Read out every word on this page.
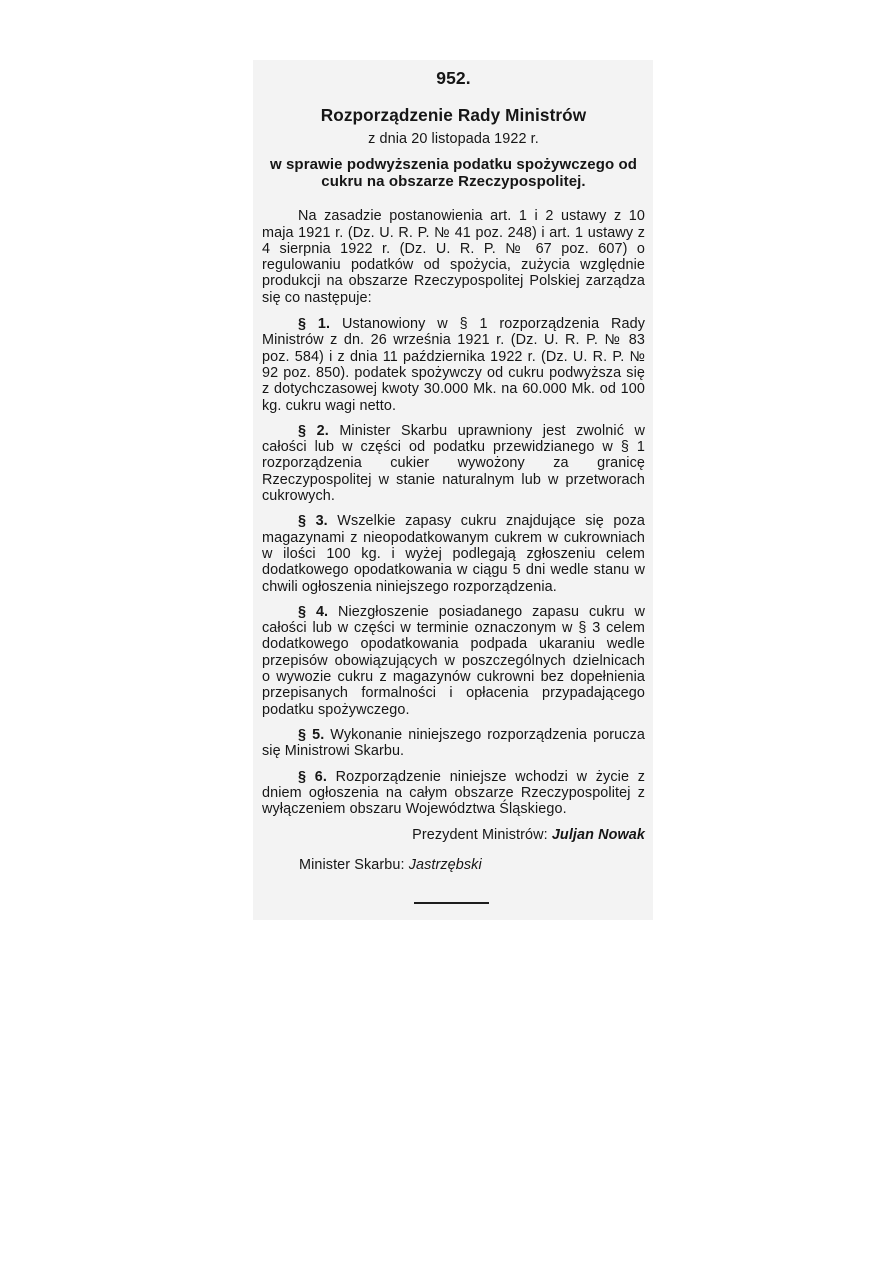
952.
Rozporządzenie Rady Ministrów
z dnia 20 listopada 1922 r.
w sprawie podwyższenia podatku spożywczego od cukru na obszarze Rzeczypospolitej.
Na zasadzie postanowienia art. 1 i 2 ustawy z 10 maja 1921 r. (Dz. U. R. P. № 41 poz. 248) i art. 1 ustawy z 4 sierpnia 1922 r. (Dz. U. R. P. № 67 poz. 607) o regulowaniu podatków od spożycia, zużycia względnie produkcji na obszarze Rzeczypospolitej Polskiej zarządza się co następuje:
§ 1. Ustanowiony w § 1 rozporządzenia Rady Ministrów z dn. 26 września 1921 r. (Dz. U. R. P. № 83 poz. 584) i z dnia 11 października 1922 r. (Dz. U. R. P. № 92 poz. 850). podatek spożywczy od cukru podwyższa się z dotychczasowej kwoty 30.000 Mk. na 60.000 Mk. od 100 kg. cukru wagi netto.
§ 2. Minister Skarbu uprawniony jest zwolnić w całości lub w części od podatku przewidzianego w § 1 rozporządzenia cukier wywożony za granicę Rzeczypospolitej w stanie naturalnym lub w przetworach cukrowych.
§ 3. Wszelkie zapasy cukru znajdujące się poza magazynami z nieopodatkowanym cukrem w cukrowniach w ilości 100 kg. i wyżej podlegają zgłoszeniu celem dodatkowego opodatkowania w ciągu 5 dni wedle stanu w chwili ogłoszenia niniejszego rozporządzenia.
§ 4. Niezgłoszenie posiadanego zapasu cukru w całości lub w części w terminie oznaczonym w § 3 celem dodatkowego opodatkowania podpada ukaraniu wedle przepisów obowiązujących w poszczególnych dzielnicach o wywozie cukru z magazynów cukrowni bez dopełnienia przepisanych formalności i opłacenia przypadającego podatku spożywczego.
§ 5. Wykonanie niniejszego rozporządzenia porucza się Ministrowi Skarbu.
§ 6. Rozporządzenie niniejsze wchodzi w życie z dniem ogłoszenia na całym obszarze Rzeczypospolitej z wyłączeniem obszaru Województwa Śląskiego.
Prezydent Ministrów: Juljan Nowak
Minister Skarbu: Jastrzębski
